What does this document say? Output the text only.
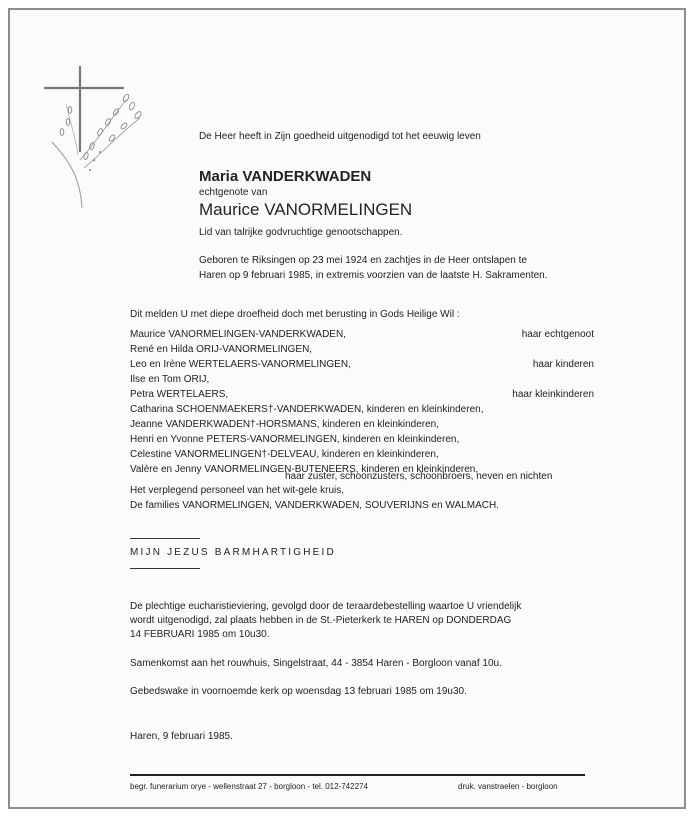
De Heer heeft in Zijn goedheid uitgenodigd tot het eeuwig leven
Maria VANDERKWADEN
echtgenote van
Maurice VANORMELINGEN
Lid van talrijke godvruchtige genootschappen.
Geboren te Riksingen op 23 mei 1924 en zachtjes in de Heer ontslapen te
Haren op 9 februari 1985, in extremis voorzien van de laatste H. Sakramenten.
Dit melden U met diepe droefheid doch met berusting in Gods Heilige Wil :
Maurice VANORMELINGEN-VANDERKWADEN,	haar echtgenoot
René en Hilda ORIJ-VANORMELINGEN,
Leo en Irène WERTELAERS-VANORMELINGEN,	haar kinderen
Ilse en Tom ORIJ,
Petra WERTELAERS,	haar kleinkinderen
Catharina SCHOENMAEKERS†-VANDERKWADEN, kinderen en kleinkinderen,
Jeanne VANDERKWADEN†-HORSMANS, kinderen en kleinkinderen,
Henri en Yvonne PETERS-VANORMELINGEN, kinderen en kleinkinderen,
Celestine VANORMELINGEN†-DELVEAU, kinderen en kleinkinderen,
Valère en Jenny VANORMELINGEN-BUTENEERS, kinderen en kleinkinderen,
haar zuster, schoonzusters, schoonbroers, neven en nichten
Het verplegend personeel van het wit-gele kruis,
De families VANORMELINGEN, VANDERKWADEN, SOUVERIJNS en WALMACH.
MIJN JEZUS BARMHARTIGHEID
De plechtige eucharistieviering, gevolgd door de teraardebestelling waartoe U vriendelijk
wordt uitgenodigd, zal plaats hebben in de St.-Pieterkerk te HAREN op DONDERDAG
14 FEBRUARI 1985 om 10u30.
Samenkomst aan het rouwhuis, Singelstraat, 44 - 3854 Haren - Borgloon vanaf 10u.
Gebedswake in voornoemde kerk op woensdag 13 februari 1985 om 19u30.
Haren, 9 februari 1985.
begr. funerarium orye - wellenstraat 27 - borgloon - tel. 012-742274	druk. vanstraelen - borgloon
